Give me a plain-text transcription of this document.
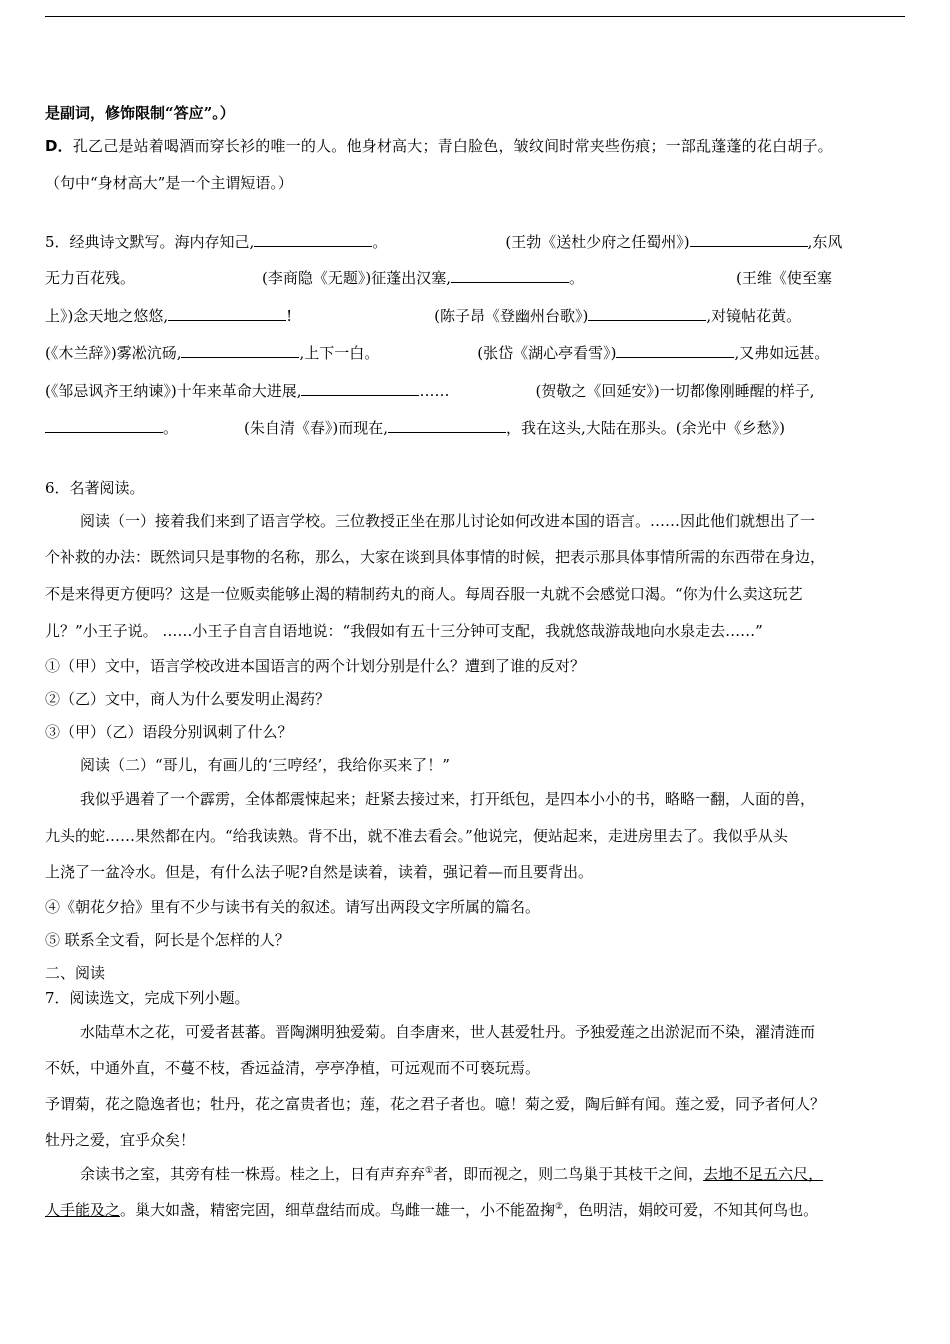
是副词，修饰限制“答应”。）
D．孔乙己是站着喝酒而穿长衫的唯一的人。他身材高大；青白脸色，皱纹间时常夹些伤痕；一部乱蓬蓬的花白胡子。
（句中“身材高大”是一个主谓短语。）
5．经典诗文默写。海内存知己,	。	(王勃《送杜少府之任蜀州》)	,东风
无力百花残。	(李商隐《无题》)征蓬出汉塞,	。	(王维《使至塞
上》)念天地之悠悠,	!	(陈子昂《登幽州台歌》)	,对镜帖花黄。
(《木兰辞》)雾凇沆砀,	,上下一白。	(张岱《湖心亭看雪》)	,又弗如远甚。
(《邹忌讽齐王纳谏》)十年来革命大进展,	……	(贺敬之《回延安》)一切都像刚睡醒的样子,
。	(朱自清《春》)而现在,	，我在这头,大陆在那头。(余光中《乡愁》)
6．名著阅读。
阅读（一）接着我们来到了语言学校。三位教授正坐在那儿讨论如何改进本国的语言。……因此他们就想出了一
个补救的办法：既然词只是事物的名称，那么，大家在谈到具体事情的时候，把表示那具体事情所需的东西带在身边，
不是来得更方便吗？这是一位贩卖能够止渴的精制药丸的商人。每周吞服一丸就不会感觉口渴。“你为什么卖这玩艺
儿？”小王子说。 ……小王子自言自语地说：“我假如有五十三分钟可支配，我就悠哉游哉地向水泉走去……”
①（甲）文中，语言学校改进本国语言的两个计划分别是什么？遭到了谁的反对？
②（乙）文中，商人为什么要发明止渴药？
③（甲）（乙）语段分别讽刺了什么？
阅读（二）“哥儿，有画儿的‘三哼经’，我给你买来了！”
我似乎遇着了一个霹雳，全体都震悚起来；赶紧去接过来，打开纸包，是四本小小的书，略略一翻，人面的兽，
九头的蛇……果然都在内。“给我读熟。背不出，就不准去看会。”他说完，便站起来，走进房里去了。我似乎从头
上浇了一盆冷水。但是，有什么法子呢?自然是读着，读着，强记着—而且要背出。
④《朝花夕拾》里有不少与读书有关的叙述。请写出两段文字所属的篇名。
⑤ 联系全文看，阿长是个怎样的人？
二、阅读
7．阅读选文，完成下列小题。
水陆草木之花，可爱者甚蕃。晋陶渊明独爱菊。自李唐来，世人甚爱牡丹。予独爱莲之出淤泥而不染，濯清涟而
不妖，中通外直，不蔓不枝，香远益清，亭亭净植，可远观而不可亵玩焉。
予谓菊，花之隐逸者也；牡丹，花之富贵者也；莲，花之君子者也。噫！菊之爱，陶后鲜有闻。莲之爱，同予者何人？
牡丹之爱，宜乎众矣！
余读书之室，其旁有桂一株焉。桂之上，日有声弃弃①者，即而视之，则二鸟巢于其枝干之间，去地不足五六尺，
人手能及之。巢大如盏，精密完固，细草盘结而成。鸟雌一雄一，小不能盈掬②，色明洁，娟皎可爱，不知其何鸟也。
